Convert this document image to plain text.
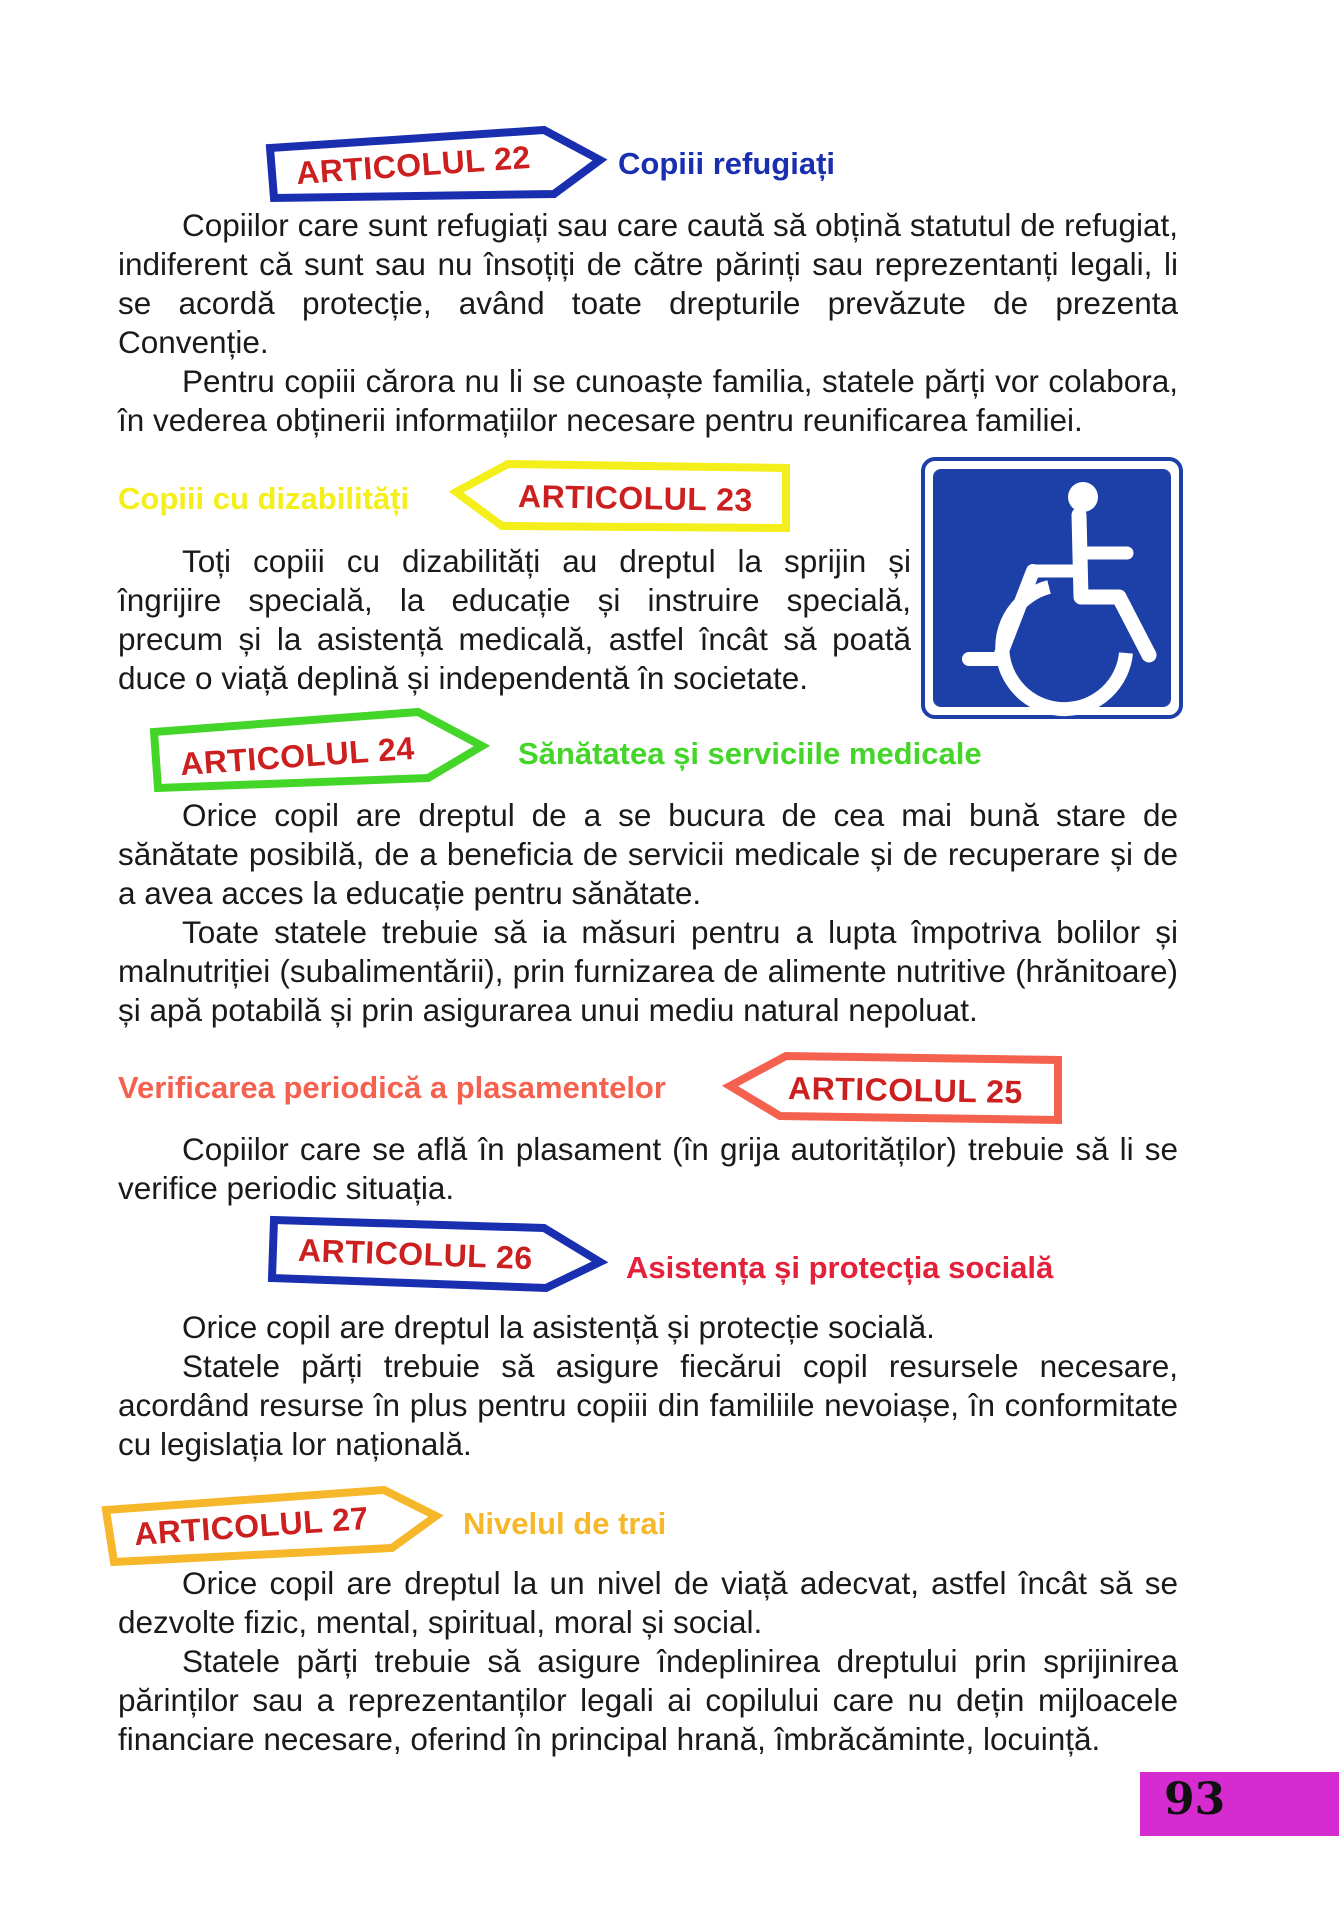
ARTICOLUL 22	Copiii refugiați

Copiilor care sunt refugiați sau care caută să obțină statutul de refugiat, indiferent că sunt sau nu însoțiți de către părinți sau reprezentanți legali, li se acordă protecție, având toate drepturile prevăzute de prezenta Convenție.

Pentru copiii cărora nu li se cunoaște familia, statele părți vor colabora, în vederea obținerii informațiilor necesare pentru reunificarea familiei.

Copiii cu dizabilități	ARTICOLUL 23

Toți copiii cu dizabilități au dreptul la sprijin și îngrijire specială, la educație și instruire specială, precum și la asistență medicală, astfel încât să poată duce o viață deplină și independentă în societate.

ARTICOLUL 24	Sănătatea și serviciile medicale

Orice copil are dreptul de a se bucura de cea mai bună stare de sănătate posibilă, de a beneficia de servicii medicale și de recuperare și de a avea acces la educație pentru sănătate.

Toate statele trebuie să ia măsuri pentru a lupta împotriva bolilor și malnutriției (subalimentării), prin furnizarea de alimente nutritive (hrănitoare) și apă potabilă și prin asigurarea unui mediu natural nepoluat.

Verificarea periodică a plasamentelor	ARTICOLUL 25

Copiilor care se află în plasament (în grija autorităților) trebuie să li se verifice periodic situația.

ARTICOLUL 26	Asistența și protecția socială

Orice copil are dreptul la asistență și protecție socială.

Statele părți trebuie să asigure fiecărui copil resursele necesare, acordând resurse în plus pentru copiii din familiile nevoiașe, în conformitate cu legislația lor națională.

ARTICOLUL 27	Nivelul de trai

Orice copil are dreptul la un nivel de viață adecvat, astfel încât să se dezvolte fizic, mental, spiritual, moral și social.

Statele părți trebuie să asigure îndeplinirea dreptului prin sprijinirea părinților sau a reprezentanților legali ai copilului care nu dețin mijloacele financiare necesare, oferind în principal hrană, îmbrăcăminte, locuință.

93
